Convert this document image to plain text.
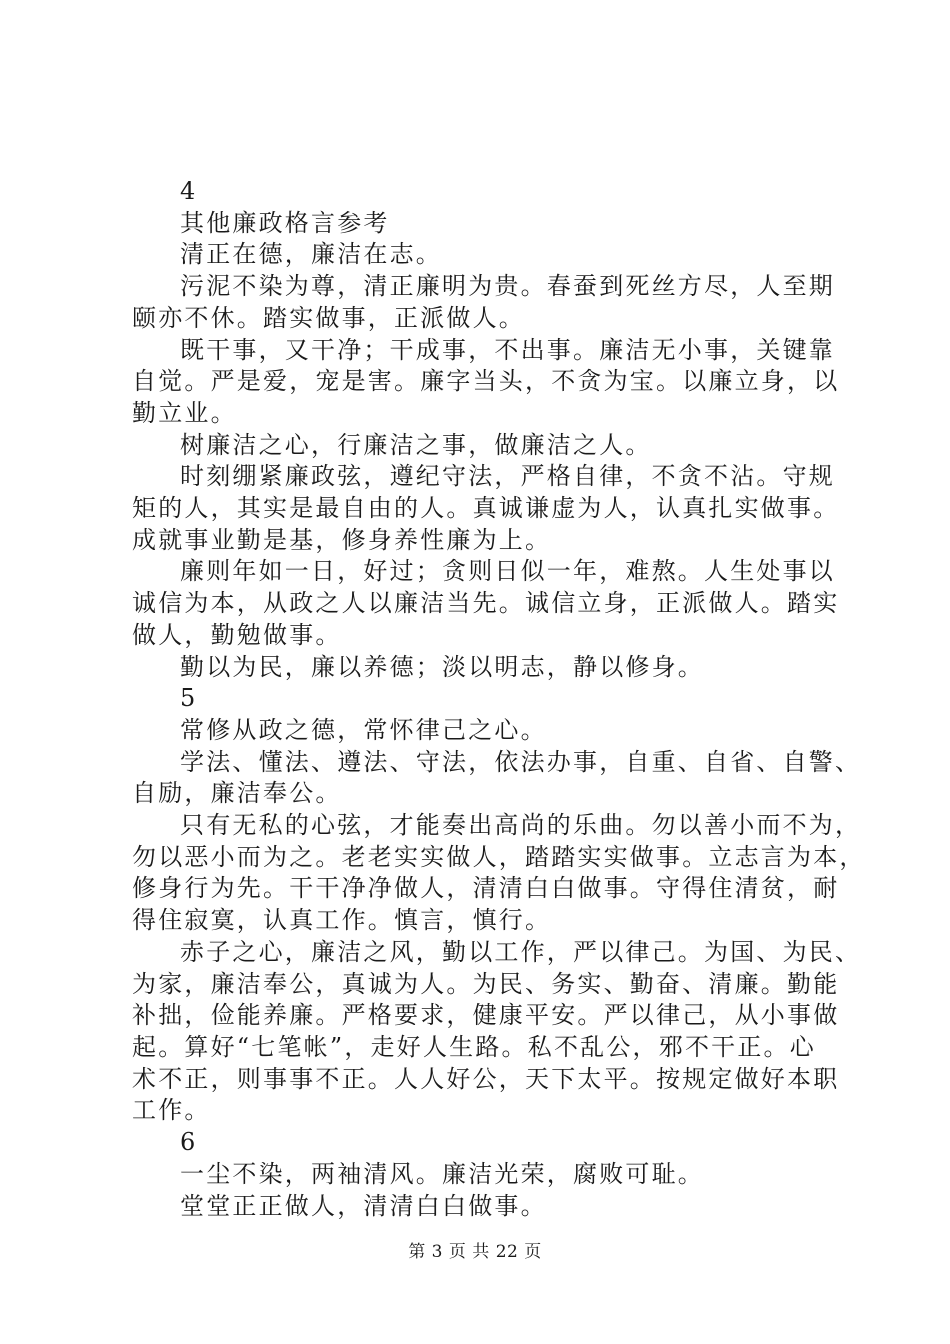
4

其他廉政格言参考

清正在德，廉洁在志。

污泥不染为尊，清正廉明为贵。春蚕到死丝方尽，人至期

颐亦不休。踏实做事，正派做人。

既干事，又干净；干成事，不出事。廉洁无小事，关键靠

自觉。严是爱，宠是害。廉字当头，不贪为宝。以廉立身，以

勤立业。

树廉洁之心，行廉洁之事，做廉洁之人。

时刻绷紧廉政弦，遵纪守法，严格自律，不贪不沾。守规

矩的人，其实是最自由的人。真诚谦虚为人，认真扎实做事。

成就事业勤是基，修身养性廉为上。

廉则年如一日，好过；贪则日似一年，难熬。人生处事以

诚信为本，从政之人以廉洁当先。诚信立身，正派做人。踏实

做人，勤勉做事。

勤以为民，廉以养德；淡以明志，静以修身。

5

常修从政之德，常怀律己之心。

学法、懂法、遵法、守法，依法办事，自重、自省、自警、

自励，廉洁奉公。

只有无私的心弦，才能奏出高尚的乐曲。勿以善小而不为，

勿以恶小而为之。老老实实做人，踏踏实实做事。立志言为本，

修身行为先。干干净净做人，清清白白做事。守得住清贫，耐

得住寂寞，认真工作。慎言，慎行。

赤子之心，廉洁之风，勤以工作，严以律己。为国、为民、

为家，廉洁奉公，真诚为人。为民、务实、勤奋、清廉。勤能

补拙，俭能养廉。严格要求，健康平安。严以律己，从小事做

起。算好“七笔帐”，走好人生路。私不乱公，邪不干正。心

术不正，则事事不正。人人好公，天下太平。按规定做好本职

工作。

6

一尘不染，两袖清风。廉洁光荣，腐败可耻。

堂堂正正做人，清清白白做事。

第 3 页 共 22 页
